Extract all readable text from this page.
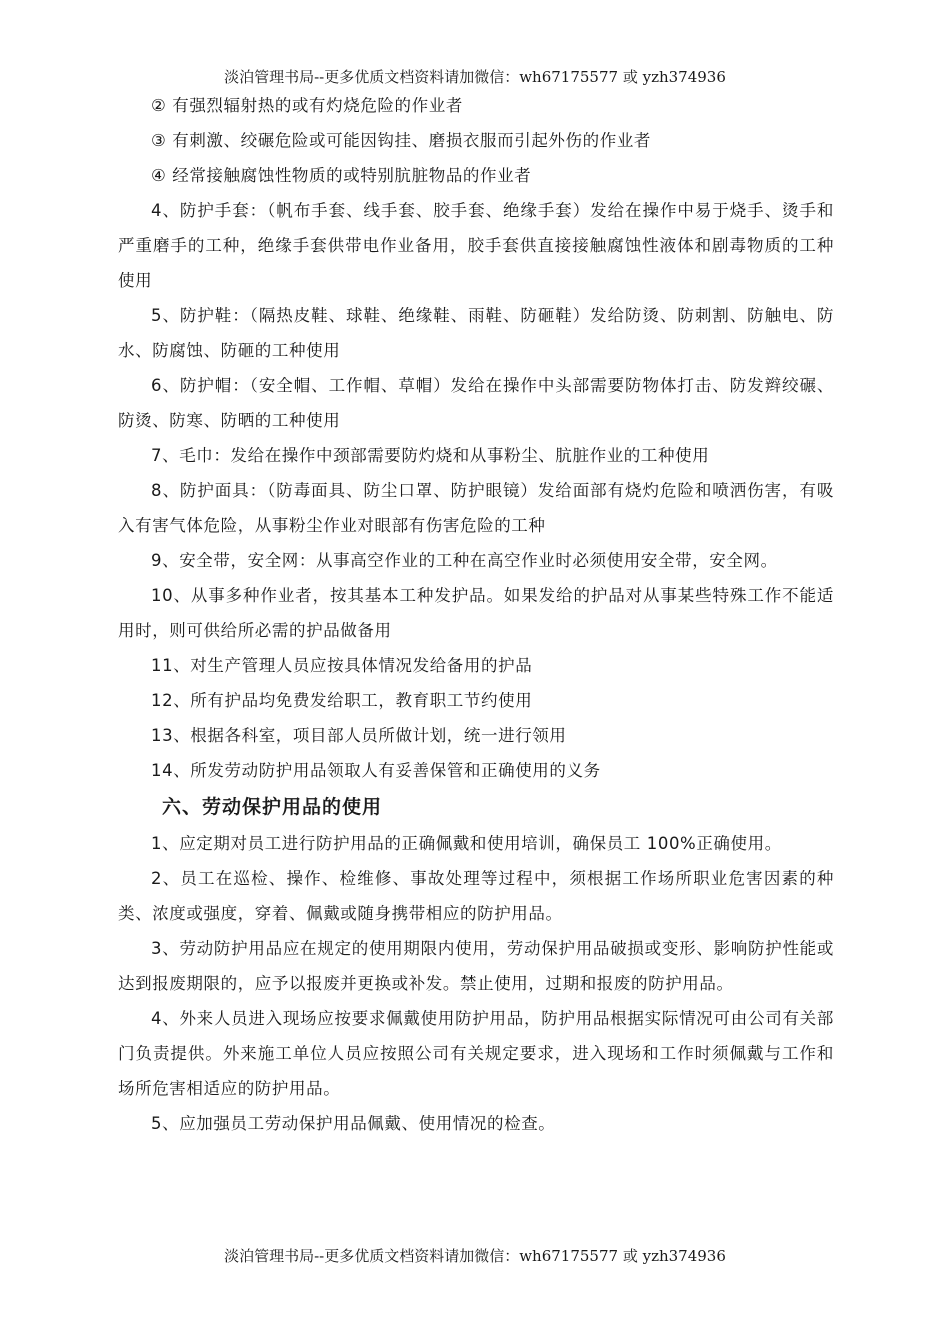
淡泊管理书局--更多优质文档资料请加微信：wh67175577 或 yzh374936

② 有强烈辐射热的或有灼烧危险的作业者

③ 有刺激、绞碾危险或可能因钩挂、磨损衣服而引起外伤的作业者

④ 经常接触腐蚀性物质的或特别肮脏物品的作业者

4、防护手套：（帆布手套、线手套、胶手套、绝缘手套）发给在操作中易于烧手、烫手和严重磨手的工种，绝缘手套供带电作业备用，胶手套供直接接触腐蚀性液体和剧毒物质的工种使用

5、防护鞋：（隔热皮鞋、球鞋、绝缘鞋、雨鞋、防砸鞋）发给防烫、防刺割、防触电、防水、防腐蚀、防砸的工种使用

6、防护帽：（安全帽、工作帽、草帽）发给在操作中头部需要防物体打击、防发辫绞碾、防烫、防寒、防晒的工种使用

7、毛巾：发给在操作中颈部需要防灼烧和从事粉尘、肮脏作业的工种使用

8、防护面具：（防毒面具、防尘口罩、防护眼镜）发给面部有烧灼危险和喷洒伤害，有吸入有害气体危险，从事粉尘作业对眼部有伤害危险的工种

9、安全带，安全网：从事高空作业的工种在高空作业时必须使用安全带，安全网。

10、从事多种作业者，按其基本工种发护品。如果发给的护品对从事某些特殊工作不能适用时，则可供给所必需的护品做备用

11、对生产管理人员应按具体情况发给备用的护品

12、所有护品均免费发给职工，教育职工节约使用

13、根据各科室，项目部人员所做计划，统一进行领用

14、所发劳动防护用品领取人有妥善保管和正确使用的义务

六、劳动保护用品的使用

1、应定期对员工进行防护用品的正确佩戴和使用培训，确保员工 100%正确使用。

2、员工在巡检、操作、检维修、事故处理等过程中，须根据工作场所职业危害因素的种类、浓度或强度，穿着、佩戴或随身携带相应的防护用品。

3、劳动防护用品应在规定的使用期限内使用，劳动保护用品破损或变形、影响防护性能或达到报废期限的，应予以报废并更换或补发。禁止使用，过期和报废的防护用品。

4、外来人员进入现场应按要求佩戴使用防护用品，防护用品根据实际情况可由公司有关部门负责提供。外来施工单位人员应按照公司有关规定要求，进入现场和工作时须佩戴与工作和场所危害相适应的防护用品。

5、应加强员工劳动保护用品佩戴、使用情况的检查。

淡泊管理书局--更多优质文档资料请加微信：wh67175577 或 yzh374936
